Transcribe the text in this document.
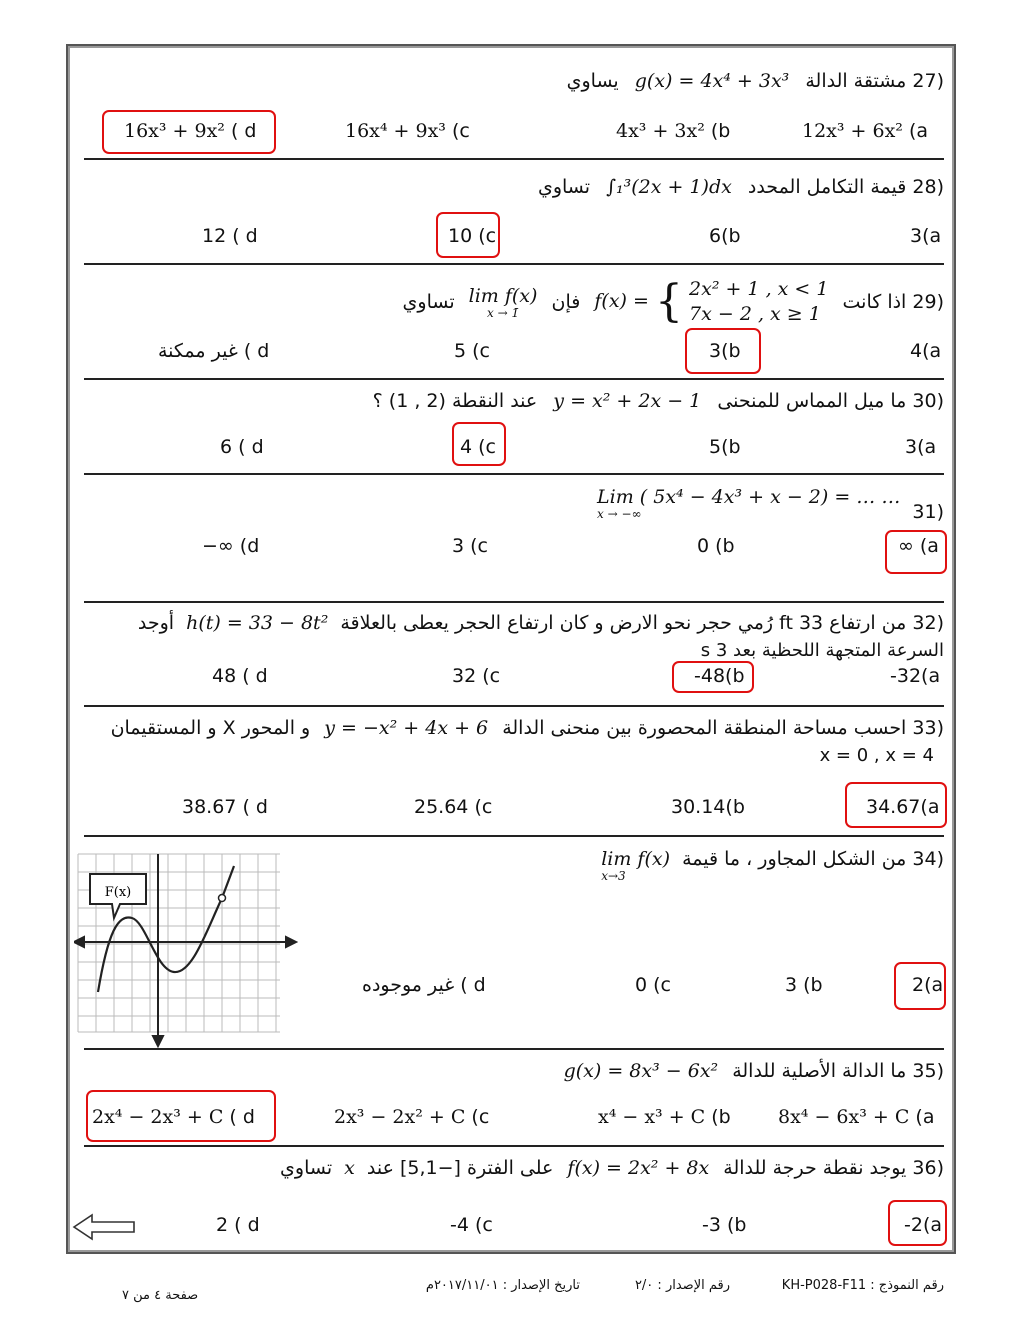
(27 مشتقة الدالة g(x) = 4x⁴ + 3x³ يساوي
12x³ + 6x² (a
4x³ + 3x² (b
16x⁴ + 9x³ (c
16x³ + 9x² ( d
(28 قيمة التكامل المحدد ∫₁³(2x + 1)dx تساوي
3(a
6(b
10 (c
12 ( d
(29 اذا كانت f(x) = { 2x² + 1 , x < 1
7x − 2 , x ≥ 1 فإن lim f(x)
x → 1̄
تساوي
4(a
3(b
5 (c
غير ممكنة ( d
(30 ما ميل المماس للمنحنى y = x² + 2x − 1 عند النقطة (2 , 1) ؟
3(a
5(b
4 (c
6 ( d
(31 Lim ( 5x⁴ − 4x³ + x − 2) = … …
x → −∞
∞ (a
0 (b
3 (c
−∞ (d
(32 من ارتفاع ft 33 رُمي حجر نحو الارض و كان ارتفاع الحجر يعطى بالعلاقة h(t) = 33 − 8t² أوجد
السرعة المتجهة اللحظية بعد 3 s
-32(a
-48(b
32 (c
48 ( d
(33 احسب مساحة المنطقة المحصورة بين منحنى الدالة y = −x² + 4x + 6 و المحور X و المستقيمان
x = 0 , x = 4
34.67(a
30.14(b
25.64 (c
38.67 ( d
(34 من الشكل المجاور ، ما قيمة lim f(x)
x→3
F(x)
2(a
3 (b
0 (c
غير موجوده ( d
(35 ما الدالة الأصلية للدالة g(x) = 8x³ − 6x²
8x⁴ − 6x³ + C (a
x⁴ − x³ + C (b
2x³ − 2x² + C (c
2x⁴ − 2x³ + C ( d
(36 يوجد نقطة حرجة للدالة f(x) = 2x² + 8x على الفترة [−5,1] عند x تساوي
-2(a
-3 (b
-4 (c
2 ( d
رقم النموذج : KH-P028-F11
رقم الإصدار : ٢/٠
تاريخ الإصدار : ٢٠١٧/١١/٠١م
صفحة ٤ من ٧
